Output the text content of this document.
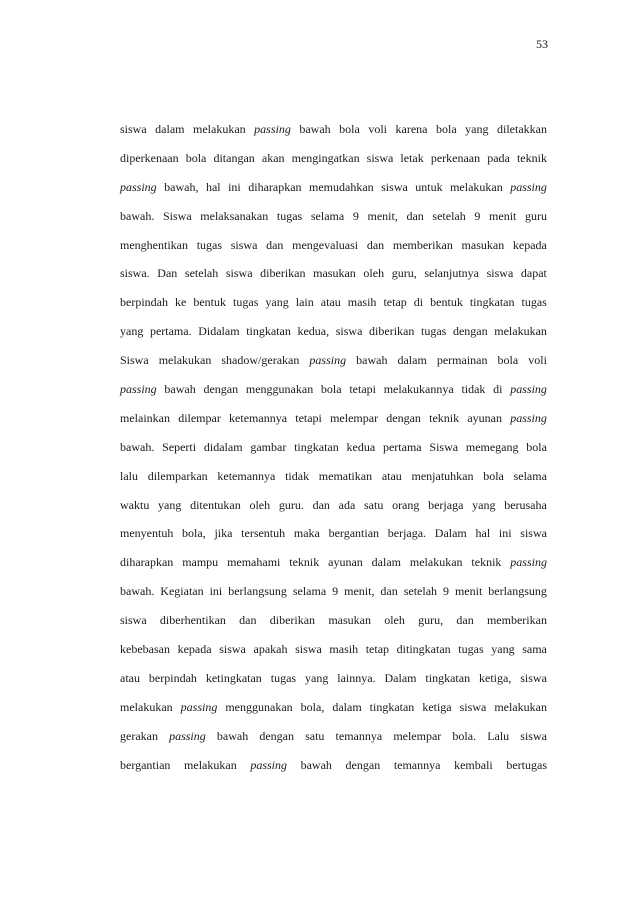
53
siswa dalam melakukan passing bawah bola voli karena bola yang diletakkan
diperkenaan bola ditangan akan mengingatkan siswa letak perkenaan pada teknik
passing bawah, hal ini diharapkan memudahkan siswa untuk melakukan passing
bawah. Siswa melaksanakan tugas selama 9 menit, dan setelah 9 menit guru
menghentikan tugas siswa dan mengevaluasi dan memberikan masukan kepada
siswa. Dan setelah siswa diberikan masukan oleh guru, selanjutnya siswa dapat
berpindah ke bentuk tugas yang lain atau masih tetap di bentuk tingkatan tugas
yang pertama. Didalam tingkatan kedua, siswa diberikan tugas dengan melakukan
Siswa melakukan shadow/gerakan passing bawah dalam permainan bola voli
passing bawah dengan menggunakan bola tetapi melakukannya tidak di passing
melainkan dilempar ketemannya tetapi melempar dengan teknik ayunan passing
bawah. Seperti didalam gambar tingkatan kedua pertama Siswa memegang bola
lalu dilemparkan ketemannya tidak mematikan atau menjatuhkan bola selama
waktu yang ditentukan oleh guru. dan ada satu orang berjaga yang berusaha
menyentuh bola, jika tersentuh maka bergantian berjaga. Dalam hal ini siswa
diharapkan mampu memahami teknik ayunan dalam melakukan teknik passing
bawah. Kegiatan ini berlangsung selama 9 menit, dan setelah 9 menit berlangsung
siswa diberhentikan dan diberikan masukan oleh guru, dan memberikan
kebebasan kepada siswa apakah siswa masih tetap ditingkatan tugas yang sama
atau berpindah ketingkatan tugas yang lainnya. Dalam tingkatan ketiga, siswa
melakukan passing menggunakan bola, dalam tingkatan ketiga siswa melakukan
gerakan passing bawah dengan satu temannya melempar bola. Lalu siswa
bergantian melakukan passing bawah dengan temannya kembali bertugas
